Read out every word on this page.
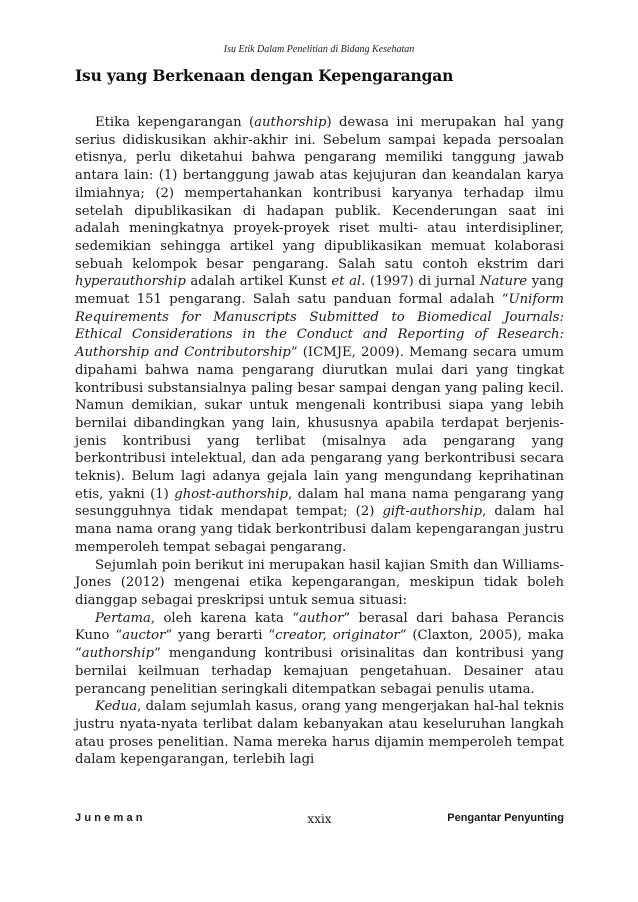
Isu Etik Dalam Penelitian di Bidang Kesehatan
Isu yang Berkenaan dengan Kepengarangan

Etika kepengarangan (authorship) dewasa ini merupakan hal yang serius didiskusikan akhir-akhir ini. Sebelum sampai kepada persoalan etisnya, perlu diketahui bahwa pengarang memiliki tanggung jawab antara lain: (1) bertanggung jawab atas kejujuran dan keandalan karya ilmiahnya; (2) mempertahankan kontribusi karyanya terhadap ilmu setelah dipublikasikan di hadapan publik. Kecenderungan saat ini adalah meningkatnya proyek-proyek riset multi- atau interdisipliner, sedemikian sehingga artikel yang dipublikasikan memuat kolaborasi sebuah kelompok besar pengarang. Salah satu contoh ekstrim dari hyperauthorship adalah artikel Kunst et al. (1997) di jurnal Nature yang memuat 151 pengarang. Salah satu panduan formal adalah “Uniform Requirements for Manuscripts Submitted to Biomedical Journals: Ethical Considerations in the Conduct and Reporting of Research: Authorship and Contributorship” (ICMJE, 2009). Memang secara umum dipahami bahwa nama pengarang diurutkan mulai dari yang tingkat kontribusi substansialnya paling besar sampai dengan yang paling kecil. Namun demikian, sukar untuk mengenali kontribusi siapa yang lebih bernilai dibandingkan yang lain, khususnya apabila terdapat berjenis-jenis kontribusi yang terlibat (misalnya ada pengarang yang berkontribusi intelektual, dan ada pengarang yang berkontribusi secara teknis). Belum lagi adanya gejala lain yang mengundang keprihatinan etis, yakni (1) ghost-authorship, dalam hal mana nama pengarang yang sesungguhnya tidak mendapat tempat; (2) gift-authorship, dalam hal mana nama orang yang tidak berkontribusi dalam kepengarangan justru memperoleh tempat sebagai pengarang.

Sejumlah poin berikut ini merupakan hasil kajian Smith dan Williams-Jones (2012) mengenai etika kepengarangan, meskipun tidak boleh dianggap sebagai preskripsi untuk semua situasi:

Pertama, oleh karena kata “author” berasal dari bahasa Perancis Kuno “auctor” yang berarti “creator, originator” (Claxton, 2005), maka “authorship” mengandung kontribusi orisinalitas dan kontribusi yang bernilai keilmuan terhadap kemajuan pengetahuan. Desainer atau perancang penelitian seringkali ditempatkan sebagai penulis utama.

Kedua, dalam sejumlah kasus, orang yang mengerjakan hal-hal teknis justru nyata-nyata terlibat dalam kebanyakan atau keseluruhan langkah atau proses penelitian. Nama mereka harus dijamin memperoleh tempat dalam kepengarangan, terlebih lagi

Juneman	xxix	Pengantar Penyunting
